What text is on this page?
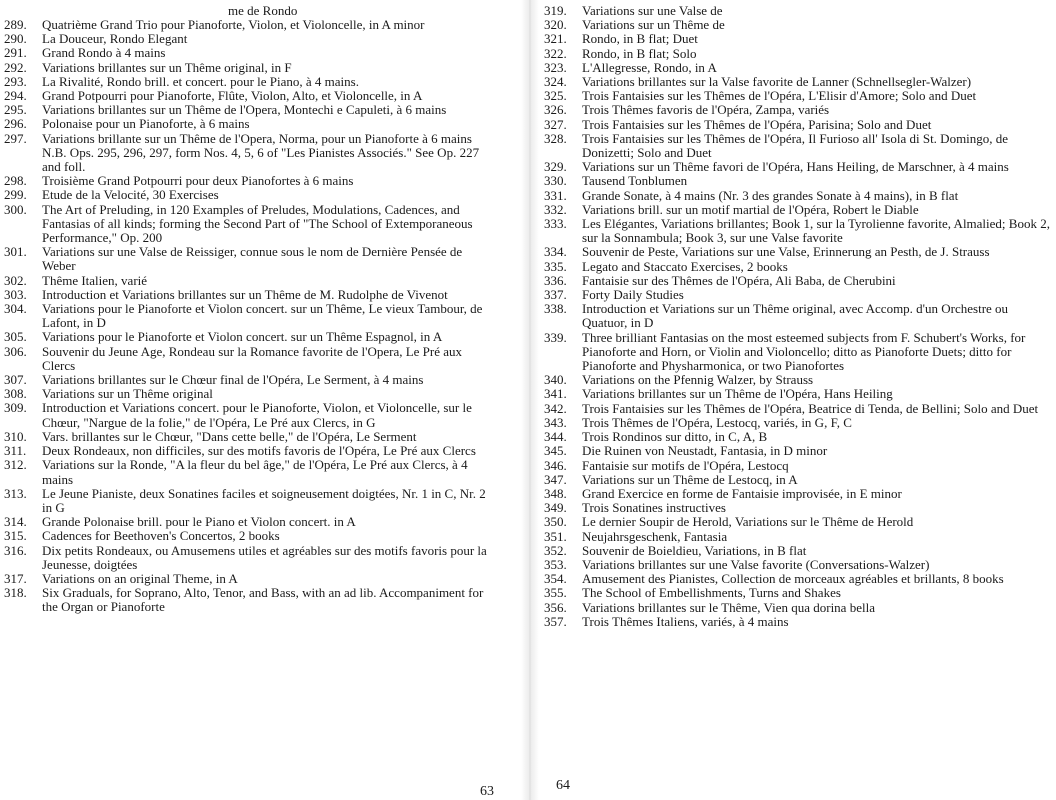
me de Rondo
289.	Quatrième Grand Trio pour Pianoforte, Violon, et Violoncelle, in A minor
290.	La Douceur, Rondo Elegant
291.	Grand Rondo à 4 mains
292.	Variations brillantes sur un Thême original, in F
293.	La Rivalité, Rondo brill. et concert. pour le Piano, à 4 mains.
294.	Grand Potpourri pour Pianoforte, Flûte, Violon, Alto, et Violoncelle, in A
295.	Variations brillantes sur un Thême de l'Opera, Montechi e Capuleti, à 6 mains
296.	Polonaise pour un Pianoforte, à 6 mains
297.	Variations brillante sur un Thême de l'Opera, Norma, pour un Pianoforte à 6 mains
N.B. Ops. 295, 296, 297, form Nos. 4, 5, 6 of "Les Pianistes Associés." See Op. 227 and foll.
298.	Troisième Grand Potpourri pour deux Pianofortes à 6 mains
299.	Etude de la Velocité, 30 Exercises
300.	The Art of Preluding, in 120 Examples of Preludes, Modulations, Cadences, and Fantasias of all kinds; forming the Second Part of "The School of Extemporaneous Performance," Op. 200
301.	Variations sur une Valse de Reissiger, connue sous le nom de Dernière Pensée de Weber
302.	Thême Italien, varié
303.	Introduction et Variations brillantes sur un Thême de M. Rudolphe de Vivenot
304.	Variations pour le Pianoforte et Violon concert. sur un Thême, Le vieux Tambour, de Lafont, in D
305.	Variations pour le Pianoforte et Violon concert. sur un Thême Espagnol, in A
306.	Souvenir du Jeune Age, Rondeau sur la Romance favorite de l'Opera, Le Pré aux Clercs
307.	Variations brillantes sur le Chœur final de l'Opéra, Le Serment, à 4 mains
308.	Variations sur un Thême original
309.	Introduction et Variations concert. pour le Pianoforte, Violon, et Violoncelle, sur le Chœur, "Nargue de la folie," de l'Opéra, Le Pré aux Clercs, in G
310.	Vars. brillantes sur le Chœur, "Dans cette belle," de l'Opéra, Le Serment
311.	Deux Rondeaux, non difficiles, sur des motifs favoris de l'Opéra, Le Pré aux Clercs
312.	Variations sur la Ronde, "A la fleur du bel âge," de l'Opéra, Le Pré aux Clercs, à 4 mains
313.	Le Jeune Pianiste, deux Sonatines faciles et soigneusement doigtées, Nr. 1 in C, Nr. 2 in G
314.	Grande Polonaise brill. pour le Piano et Violon concert. in A
315.	Cadences for Beethoven's Concertos, 2 books
316.	Dix petits Rondeaux, ou Amusemens utiles et agréables sur des motifs favoris pour la Jeunesse, doigtées
317.	Variations on an original Theme, in A
318.	Six Graduals, for Soprano, Alto, Tenor, and Bass, with an ad lib. Accompaniment for the Organ or Pianoforte
63
319.	Variations sur une Valse de
320.	Variations sur un Thême de
321.	Rondo, in B flat; Duet
322.	Rondo, in B flat; Solo
323.	L'Allegresse, Rondo, in A
324.	Variations brillantes sur la Valse favorite de Lanner (Schnellsegler-Walzer)
325.	Trois Fantaisies sur les Thêmes de l'Opéra, L'Elisir d'Amore; Solo and Duet
326.	Trois Thêmes favoris de l'Opéra, Zampa, variés
327.	Trois Fantaisies sur les Thêmes de l'Opéra, Parisina; Solo and Duet
328.	Trois Fantaisies sur les Thêmes de l'Opéra, Il Furioso all' Isola di St. Domingo, de Donizetti; Solo and Duet
329.	Variations sur un Thême favori de l'Opéra, Hans Heiling, de Marschner, à 4 mains
330.	Tausend Tonblumen
331.	Grande Sonate, à 4 mains (Nr. 3 des grandes Sonate à 4 mains), in B flat
332.	Variations brill. sur un motif martial de l'Opéra, Robert le Diable
333.	Les Elégantes, Variations brillantes; Book 1, sur la Tyrolienne favorite, Almalied; Book 2, sur la Sonnambula; Book 3, sur une Valse favorite
334.	Souvenir de Peste, Variations sur une Valse, Erinnerung an Pesth, de J. Strauss
335.	Legato and Staccato Exercises, 2 books
336.	Fantaisie sur des Thêmes de l'Opéra, Ali Baba, de Cherubini
337.	Forty Daily Studies
338.	Introduction et Variations sur un Thême original, avec Accomp. d'un Orchestre ou Quatuor, in D
339.	Three brilliant Fantasias on the most esteemed subjects from F. Schubert's Works, for Pianoforte and Horn, or Violin and Violoncello; ditto as Pianoforte Duets; ditto for Pianoforte and Physharmonica, or two Pianofortes
340.	Variations on the Pfennig Walzer, by Strauss
341.	Variations brillantes sur un Thême de l'Opéra, Hans Heiling
342.	Trois Fantaisies sur les Thêmes de l'Opéra, Beatrice di Tenda, de Bellini; Solo and Duet
343.	Trois Thêmes de l'Opéra, Lestocq, variés, in G, F, C
344.	Trois Rondinos sur ditto, in C, A, B
345.	Die Ruinen von Neustadt, Fantasia, in D minor
346.	Fantaisie sur motifs de l'Opéra, Lestocq
347.	Variations sur un Thême de Lestocq, in A
348.	Grand Exercice en forme de Fantaisie improvisée, in E minor
349.	Trois Sonatines instructives
350.	Le dernier Soupir de Herold, Variations sur le Thême de Herold
351.	Neujahrsgeschenk, Fantasia
352.	Souvenir de Boieldieu, Variations, in B flat
353.	Variations brillantes sur une Valse favorite (Conversations-Walzer)
354.	Amusement des Pianistes, Collection de morceaux agréables et brillants, 8 books
355.	The School of Embellishments, Turns and Shakes
356.	Variations brillantes sur le Thême, Vien qua dorina bella
357.	Trois Thêmes Italiens, variés, à 4 mains
64
